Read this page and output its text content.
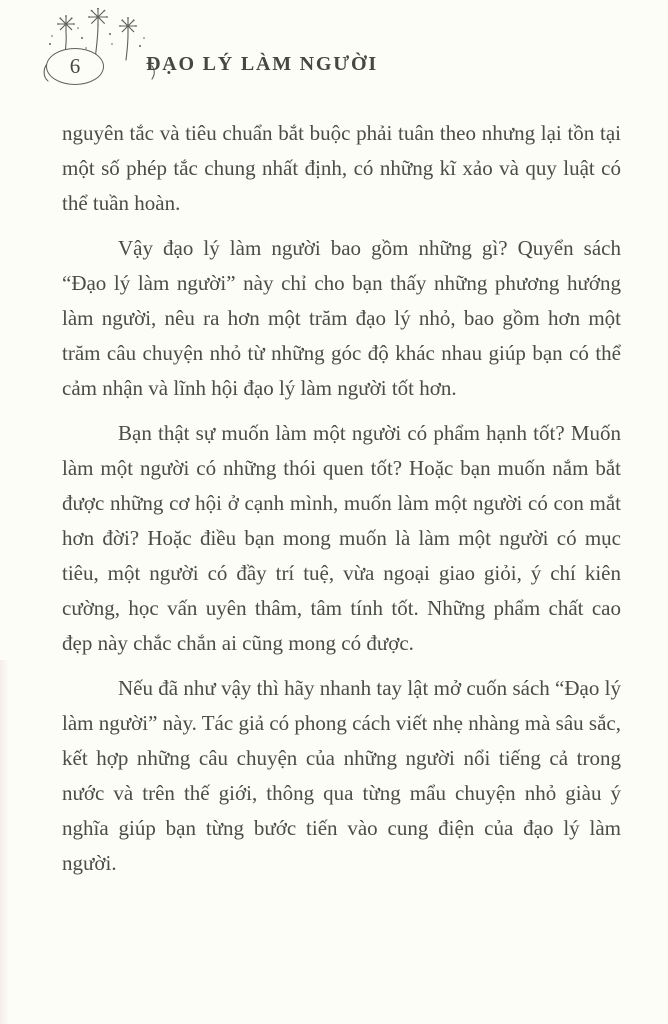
6	ĐẠO LÝ LÀM NGƯỜI

nguyên tắc và tiêu chuẩn bắt buộc phải tuân theo nhưng lại tồn tại một số phép tắc chung nhất định, có những kĩ xảo và quy luật có thể tuần hoàn.

Vậy đạo lý làm người bao gồm những gì? Quyển sách “Đạo lý làm người” này chỉ cho bạn thấy những phương hướng làm người, nêu ra hơn một trăm đạo lý nhỏ, bao gồm hơn một trăm câu chuyện nhỏ từ những góc độ khác nhau giúp bạn có thể cảm nhận và lĩnh hội đạo lý làm người tốt hơn.

Bạn thật sự muốn làm một người có phẩm hạnh tốt? Muốn làm một người có những thói quen tốt? Hoặc bạn muốn nắm bắt được những cơ hội ở cạnh mình, muốn làm một người có con mắt hơn đời? Hoặc điều bạn mong muốn là làm một người có mục tiêu, một người có đầy trí tuệ, vừa ngoại giao giỏi, ý chí kiên cường, học vấn uyên thâm, tâm tính tốt. Những phẩm chất cao đẹp này chắc chắn ai cũng mong có được.

Nếu đã như vậy thì hãy nhanh tay lật mở cuốn sách “Đạo lý làm người” này. Tác giả có phong cách viết nhẹ nhàng mà sâu sắc, kết hợp những câu chuyện của những người nổi tiếng cả trong nước và trên thế giới, thông qua từng mẩu chuyện nhỏ giàu ý nghĩa giúp bạn từng bước tiến vào cung điện của đạo lý làm người.
